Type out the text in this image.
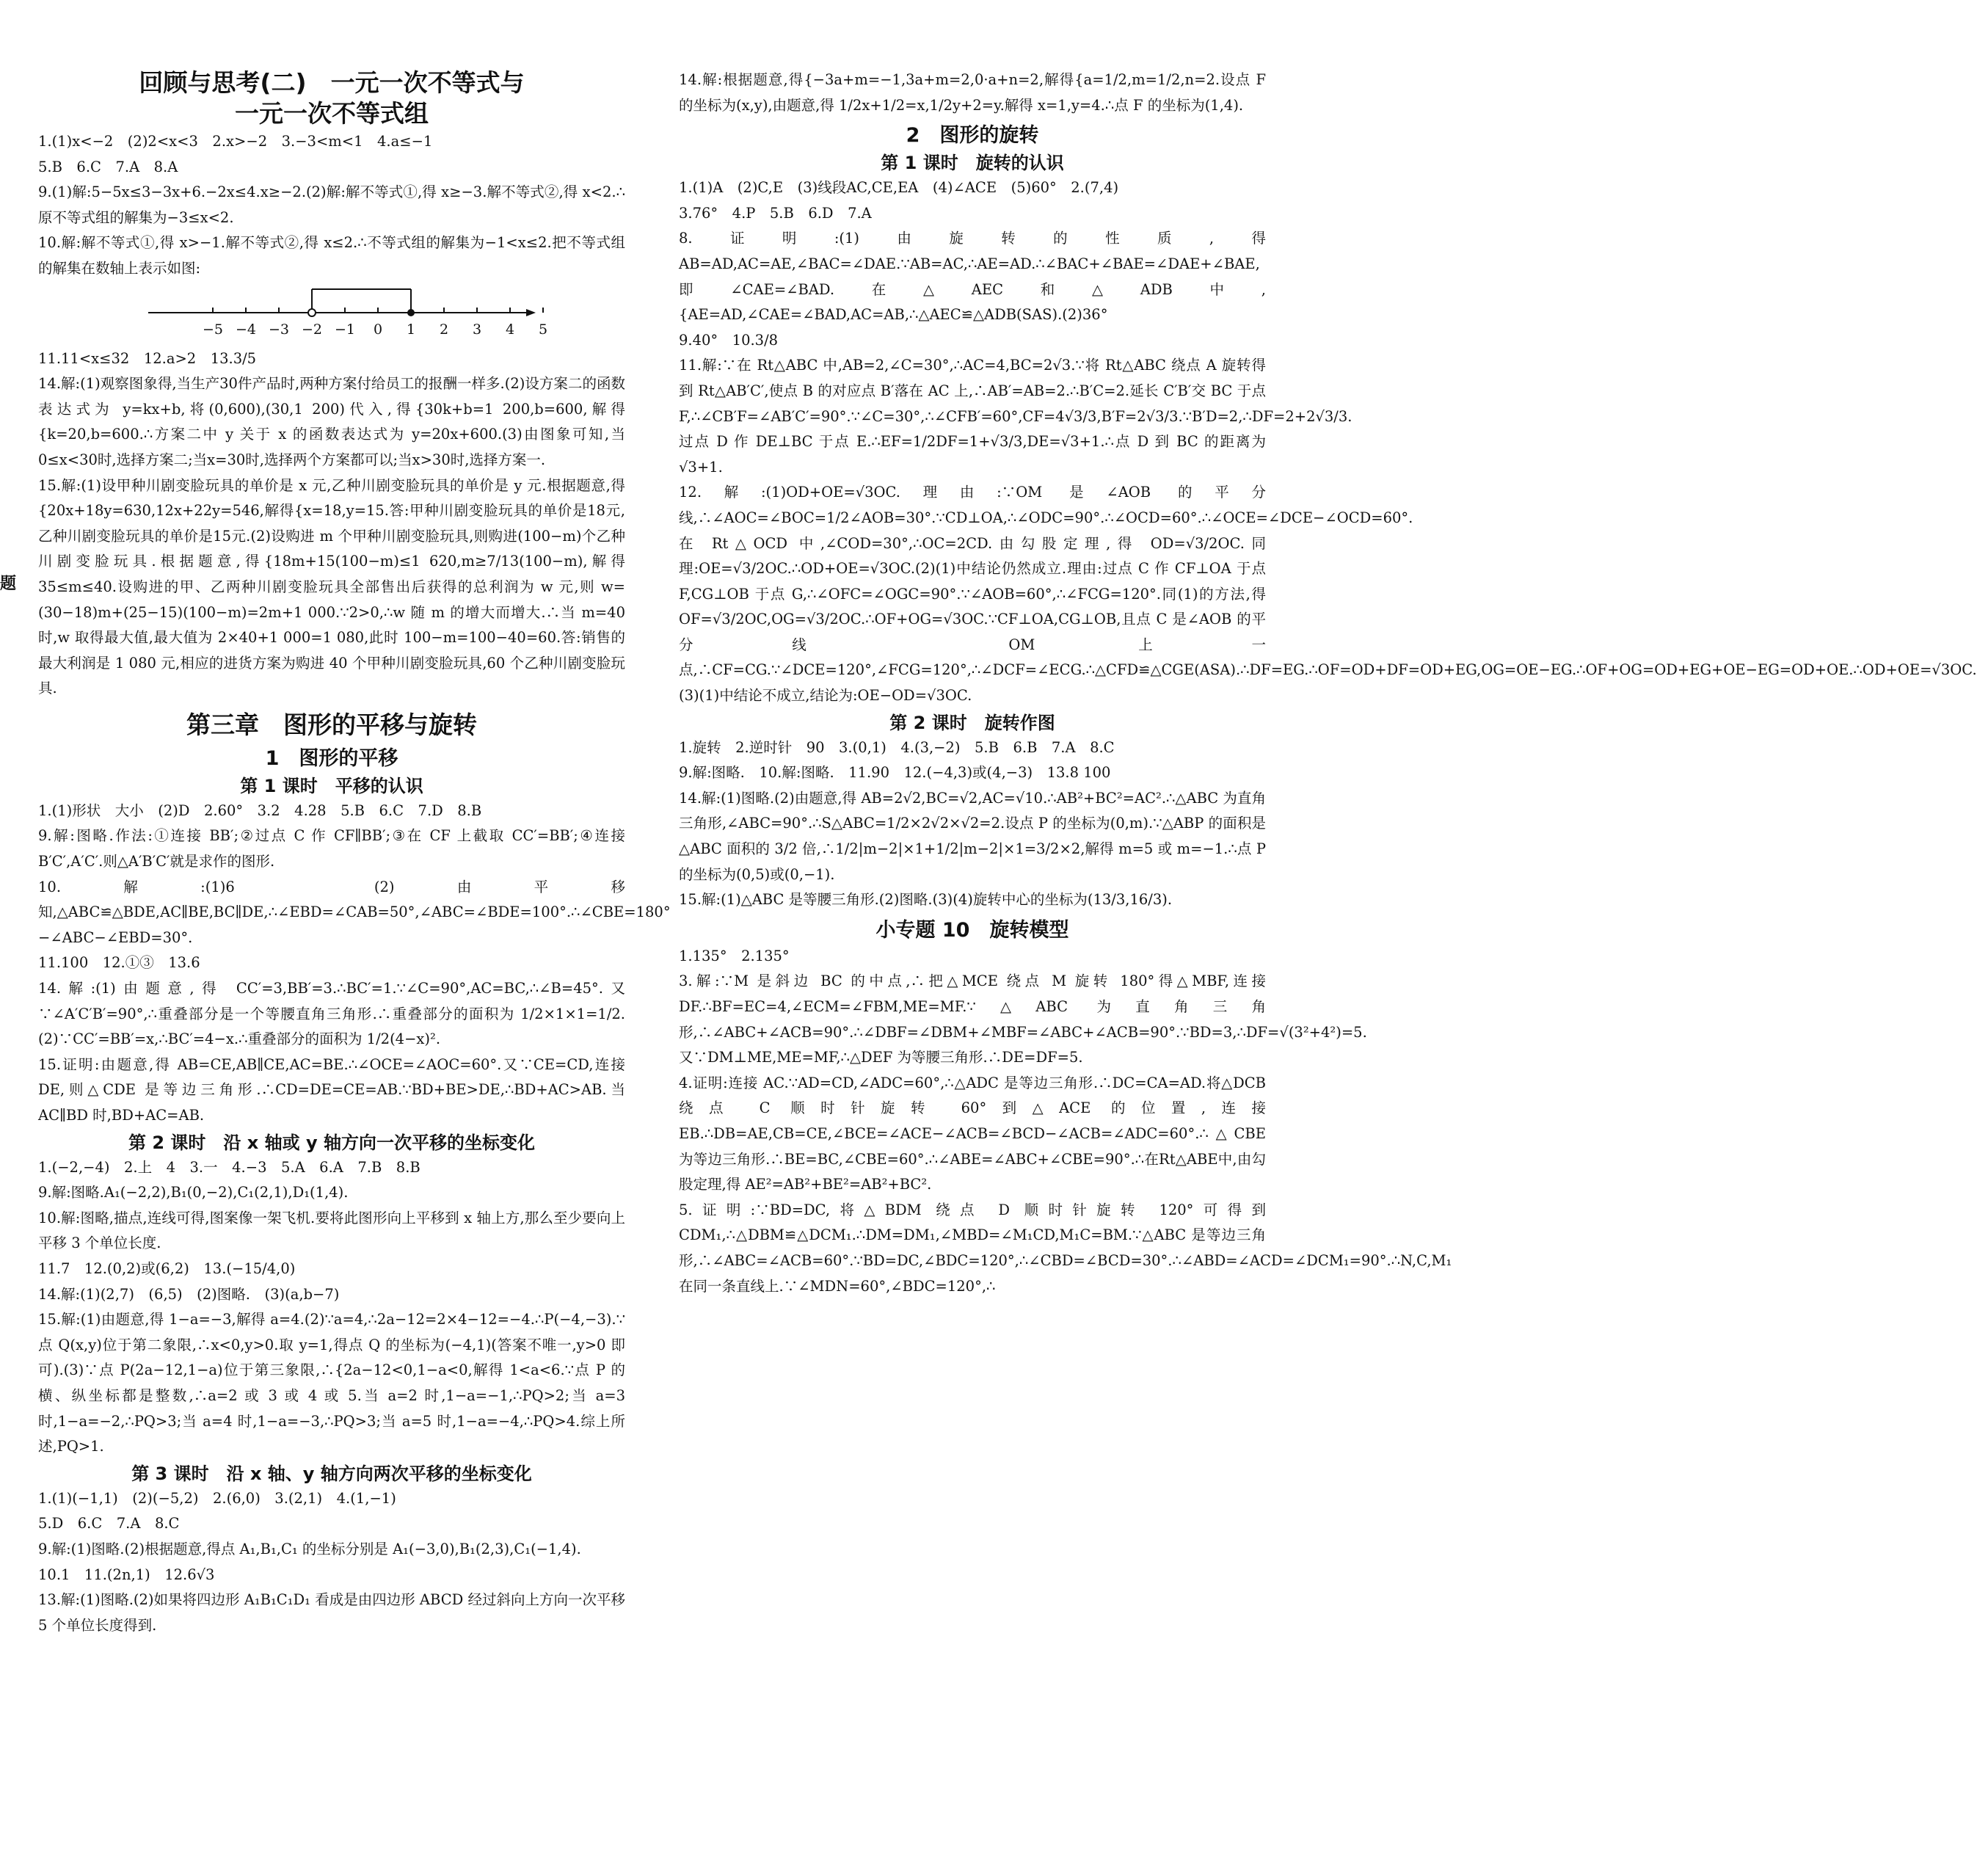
题
回顾与思考(二)　一元一次不等式与
一元一次不等式组

1.(1)x<−2　(2)2<x<3　2.x>−2　3.−3<m<1　4.a≤−1

5.B　6.C　7.A　8.A

9.(1)解:5−5x≤3−3x+6.−2x≤4.x≥−2.(2)解:解不等式①,得 x≥−3.解不等式②,得 x<2.∴原不等式组的解集为−3≤x<2.

10.解:解不等式①,得 x>−1.解不等式②,得 x≤2.∴不等式组的解集为−1<x≤2.把不等式组的解集在数轴上表示如图:

−5 −4 −3 −2 −1	0	1	2	3	4	5

11.11<x≤32　12.a>2　13.3/5

14.解:(1)观察图象得,当生产30件产品时,两种方案付给员工的报酬一样多.(2)设方案二的函数表达式为 y=kx+b,将(0,600),(30,1 200)代入,得{30k+b=1 200,b=600,解得{k=20,b=600.∴方案二中 y 关于 x 的函数表达式为 y=20x+600.(3)由图象可知,当0≤x<30时,选择方案二;当x=30时,选择两个方案都可以;当x>30时,选择方案一.

15.解:(1)设甲种川剧变脸玩具的单价是 x 元,乙种川剧变脸玩具的单价是 y 元.根据题意,得{20x+18y=630,12x+22y=546,解得{x=18,y=15.答:甲种川剧变脸玩具的单价是18元,乙种川剧变脸玩具的单价是15元.(2)设购进 m 个甲种川剧变脸玩具,则购进(100−m)个乙种川剧变脸玩具.根据题意,得{18m+15(100−m)≤1 620,m≥7/13(100−m),解得 35≤m≤40.设购进的甲、乙两种川剧变脸玩具全部售出后获得的总利润为 w 元,则 w=(30−18)m+(25−15)(100−m)=2m+1 000.∵2>0,∴w 随 m 的增大而增大.∴当 m=40 时,w 取得最大值,最大值为 2×40+1 000=1 080,此时 100−m=100−40=60.答:销售的最大利润是 1 080 元,相应的进货方案为购进 40 个甲种川剧变脸玩具,60 个乙种川剧变脸玩具.

第三章　图形的平移与旋转
1　图形的平移
第 1 课时　平移的认识

1.(1)形状　大小　(2)D　2.60°　3.2　4.28　5.B　6.C　7.D　8.B

9.解:图略.作法:①连接 BB′;②过点 C 作 CF∥BB′;③在 CF 上截取 CC′=BB′;④连接 B′C′,A′C′.则△A′B′C′就是求作的图形.

10.解:(1)6　(2)由平移知,△ABC≌△BDE,AC∥BE,BC∥DE,∴∠EBD=∠CAB=50°,∠ABC=∠BDE=100°.∴∠CBE=180°−∠ABC−∠EBD=30°.

11.100　12.①③　13.6

14.解:(1)由题意,得 CC′=3,BB′=3.∴BC′=1.∵∠C=90°,AC=BC,∴∠B=45°.又∵∠A′C′B′=90°,∴重叠部分是一个等腰直角三角形.∴重叠部分的面积为 1/2×1×1=1/2.(2)∵CC′=BB′=x,∴BC′=4−x.∴重叠部分的面积为 1/2(4−x)².

15.证明:由题意,得 AB=CE,AB∥CE,AC=BE.∴∠OCE=∠AOC=60°.又∵CE=CD,连接 DE,则△CDE 是等边三角形.∴CD=DE=CE=AB.∵BD+BE>DE,∴BD+AC>AB.当 AC∥BD 时,BD+AC=AB.

第 2 课时　沿 x 轴或 y 轴方向一次平移的坐标变化

1.(−2,−4)　2.上　4　3.一　4.−3　5.A　6.A　7.B　8.B

9.解:图略.A₁(−2,2),B₁(0,−2),C₁(2,1),D₁(1,4).

10.解:图略,描点,连线可得,图案像一架飞机.要将此图形向上平移到 x 轴上方,那么至少要向上平移 3 个单位长度.

11.7　12.(0,2)或(6,2)　13.(−15/4,0)

14.解:(1)(2,7)　(6,5)　(2)图略.　(3)(a,b−7)

15.解:(1)由题意,得 1−a=−3,解得 a=4.(2)∵a=4,∴2a−12=2×4−12=−4.∴P(−4,−3).∵点 Q(x,y)位于第二象限,∴x<0,y>0.取 y=1,得点 Q 的坐标为(−4,1)(答案不唯一,y>0 即可).(3)∵点 P(2a−12,1−a)位于第三象限,∴{2a−12<0,1−a<0,解得 1<a<6.∵点 P 的横、纵坐标都是整数,∴a=2 或 3 或 4 或 5.当 a=2 时,1−a=−1,∴PQ>2;当 a=3 时,1−a=−2,∴PQ>3;当 a=4 时,1−a=−3,∴PQ>3;当 a=5 时,1−a=−4,∴PQ>4.综上所述,PQ>1.

第 3 课时　沿 x 轴、y 轴方向两次平移的坐标变化

1.(1)(−1,1)　(2)(−5,2)　2.(6,0)　3.(2,1)　4.(1,−1)

5.D　6.C　7.A　8.C

9.解:(1)图略.(2)根据题意,得点 A₁,B₁,C₁ 的坐标分别是 A₁(−3,0),B₁(2,3),C₁(−1,4).

10.1　11.(2n,1)　12.6√3

13.解:(1)图略.(2)如果将四边形 A₁B₁C₁D₁ 看成是由四边形 ABCD 经过斜向上方向一次平移 5 个单位长度得到.

14.解:根据题意,得{−3a+m=−1,3a+m=2,0·a+n=2,解得{a=1/2,m=1/2,n=2.设点 F 的坐标为(x,y),由题意,得 1/2x+1/2=x,1/2y+2=y.解得 x=1,y=4.∴点 F 的坐标为(1,4).

2　图形的旋转
第 1 课时　旋转的认识

1.(1)A　(2)C,E　(3)线段AC,CE,EA　(4)∠ACE　(5)60°　2.(7,4)

3.76°　4.P　5.B　6.D　7.A

8.证明:(1)由旋转的性质,得 AB=AD,AC=AE,∠BAC=∠DAE.∵AB=AC,∴AE=AD.∴∠BAC+∠BAE=∠DAE+∠BAE,即∠CAE=∠BAD.在△AEC和△ADB中,{AE=AD,∠CAE=∠BAD,AC=AB,∴△AEC≌△ADB(SAS).(2)36°

9.40°　10.3/8

11.解:∵在 Rt△ABC 中,AB=2,∠C=30°,∴AC=4,BC=2√3.∵将 Rt△ABC 绕点 A 旋转得到 Rt△AB′C′,使点 B 的对应点 B′落在 AC 上,∴AB′=AB=2.∴B′C=2.延长 C′B′交 BC 于点 F,∴∠CB′F=∠AB′C′=90°.∵∠C=30°,∴∠CFB′=60°,CF=4√3/3,B′F=2√3/3.∵B′D=2,∴DF=2+2√3/3.过点 D 作 DE⊥BC 于点 E.∴EF=1/2DF=1+√3/3,DE=√3+1.∴点 D 到 BC 的距离为√3+1.

12.解:(1)OD+OE=√3OC.理由:∵OM 是∠AOB 的平分线,∴∠AOC=∠BOC=1/2∠AOB=30°.∵CD⊥OA,∴∠ODC=90°.∴∠OCD=60°.∴∠OCE=∠DCE−∠OCD=60°.在 Rt△OCD 中,∠COD=30°,∴OC=2CD.由勾股定理,得 OD=√3/2OC.同理:OE=√3/2OC.∴OD+OE=√3OC.(2)(1)中结论仍然成立.理由:过点 C 作 CF⊥OA 于点 F,CG⊥OB 于点 G,∴∠OFC=∠OGC=90°.∵∠AOB=60°,∴∠FCG=120°.同(1)的方法,得 OF=√3/2OC,OG=√3/2OC.∴OF+OG=√3OC.∵CF⊥OA,CG⊥OB,且点 C 是∠AOB 的平分线 OM 上一点,∴CF=CG.∵∠DCE=120°,∠FCG=120°,∴∠DCF=∠ECG.∴△CFD≌△CGE(ASA).∴DF=EG.∴OF=OD+DF=OD+EG,OG=OE−EG.∴OF+OG=OD+EG+OE−EG=OD+OE.∴OD+OE=√3OC.(3)(1)中结论不成立,结论为:OE−OD=√3OC.

第 2 课时　旋转作图

1.旋转　2.逆时针　90　3.(0,1)　4.(3,−2)　5.B　6.B　7.A　8.C

9.解:图略.　10.解:图略.　11.90　12.(−4,3)或(4,−3)　13.8 100

14.解:(1)图略.(2)由题意,得 AB=2√2,BC=√2,AC=√10.∴AB²+BC²=AC².∴△ABC 为直角三角形,∠ABC=90°.∴S△ABC=1/2×2√2×√2=2.设点 P 的坐标为(0,m).∵△ABP 的面积是△ABC 面积的 3/2 倍,∴1/2|m−2|×1+1/2|m−2|×1=3/2×2,解得 m=5 或 m=−1.∴点 P 的坐标为(0,5)或(0,−1).

15.解:(1)△ABC 是等腰三角形.(2)图略.(3)(4)旋转中心的坐标为(13/3,16/3).

小专题 10　旋转模型

1.135°　2.135°

3.解:∵M 是斜边 BC 的中点,∴把△MCE 绕点 M 旋转 180°得△MBF,连接 DF.∴BF=EC=4,∠ECM=∠FBM,ME=MF.∵△ABC 为直角三角形,∴∠ABC+∠ACB=90°.∴∠DBF=∠DBM+∠MBF=∠ABC+∠ACB=90°.∵BD=3,∴DF=√(3²+4²)=5.又∵DM⊥ME,ME=MF,∴△DEF 为等腰三角形.∴DE=DF=5.

4.证明:连接 AC.∵AD=CD,∠ADC=60°,∴△ADC 是等边三角形.∴DC=CA=AD.将△DCB 绕点 C 顺时针旋转 60°到△ACE 的位置,连接 EB.∴DB=AE,CB=CE,∠BCE=∠ACE−∠ACB=∠BCD−∠ACB=∠ADC=60°.∴△CBE 为等边三角形.∴BE=BC,∠CBE=60°.∴∠ABE=∠ABC+∠CBE=90°.∴在Rt△ABE中,由勾股定理,得 AE²=AB²+BE²=AB²+BC².

5.证明:∵BD=DC,将△BDM 绕点 D 顺时针旋转 120°可得到 CDM₁,∴△DBM≌△DCM₁.∴DM=DM₁,∠MBD=∠M₁CD,M₁C=BM.∵△ABC 是等边三角形,∴∠ABC=∠ACB=60°.∵BD=DC,∠BDC=120°,∴∠CBD=∠BCD=30°.∴∠ABD=∠ACD=∠DCM₁=90°.∴N,C,M₁在同一条直线上.∵∠MDN=60°,∠BDC=120°,∴
